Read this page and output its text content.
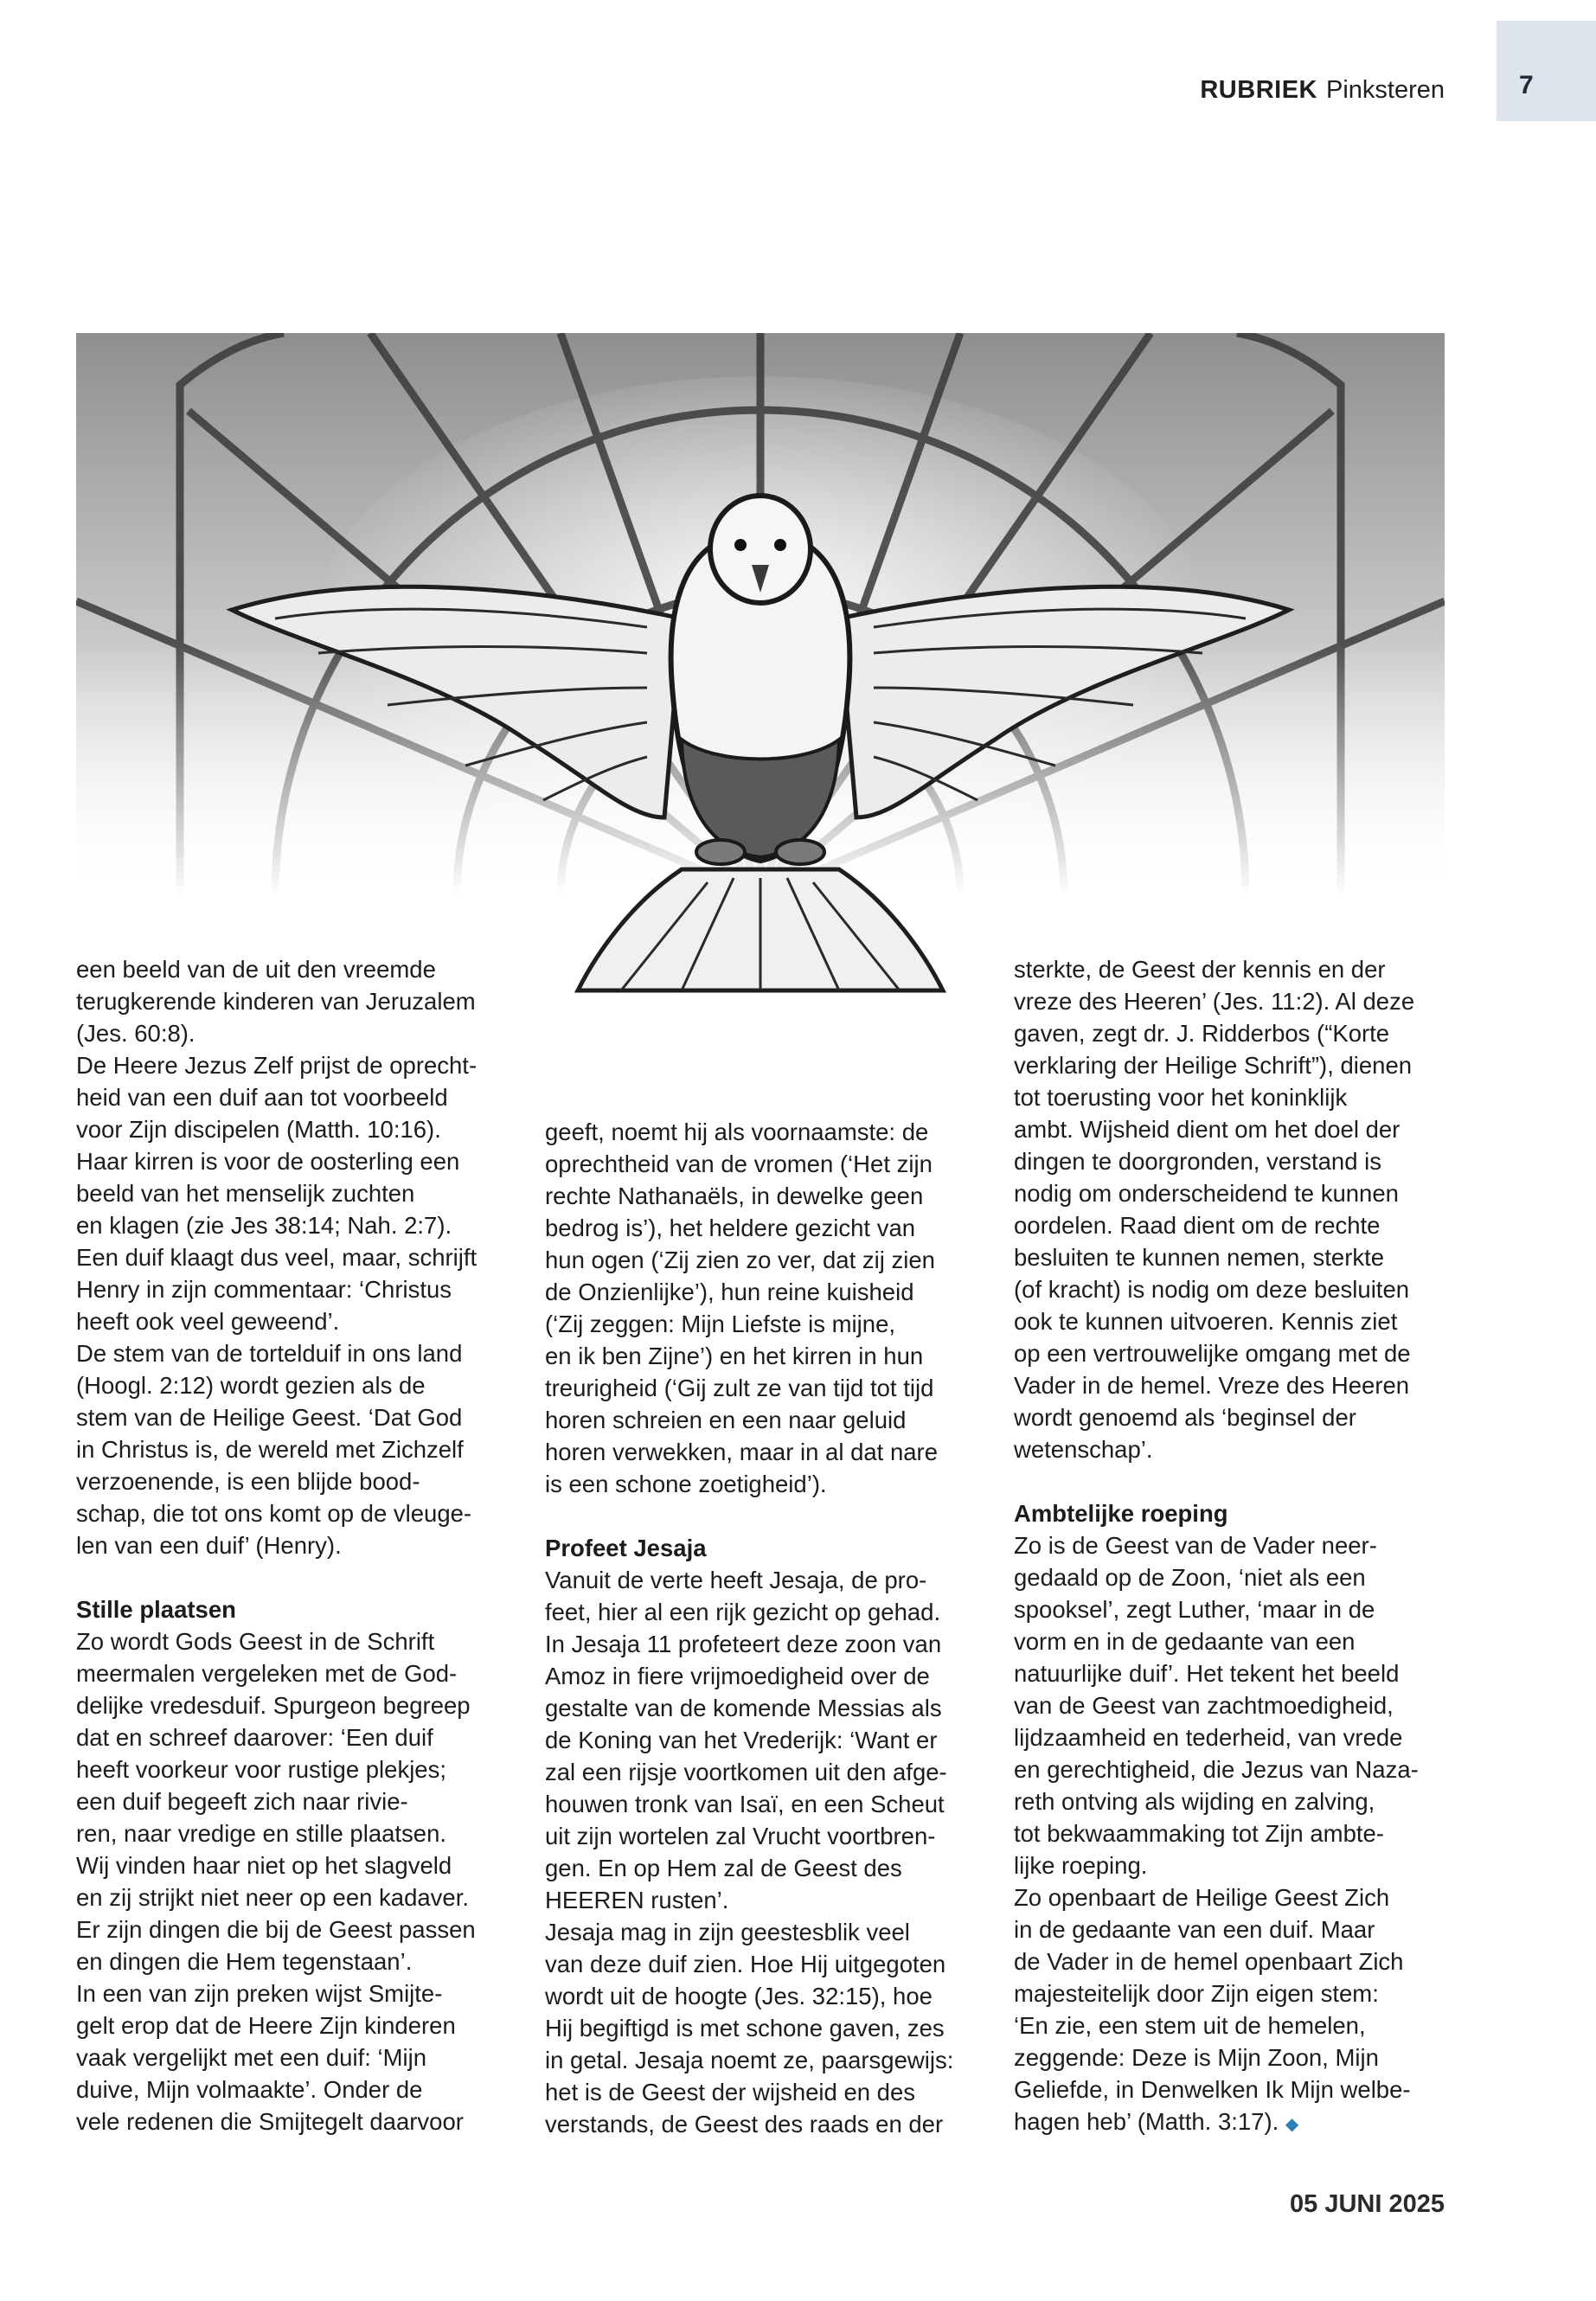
7
RUBRIEK Pinksteren

een beeld van de uit den vreemde
terugkerende kinderen van Jeruzalem
(Jes. 60:8).
De Heere Jezus Zelf prijst de oprecht-
heid van een duif aan tot voorbeeld
voor Zijn discipelen (Matth. 10:16).
Haar kirren is voor de oosterling een
beeld van het menselijk zuchten
en klagen (zie Jes 38:14; Nah. 2:7).
Een duif klaagt dus veel, maar, schrijft
Henry in zijn commentaar: ‘Christus
heeft ook veel geweend’.
De stem van de tortelduif in ons land
(Hoogl. 2:12) wordt gezien als de
stem van de Heilige Geest. ‘Dat God
in Christus is, de wereld met Zichzelf
verzoenende, is een blijde bood-
schap, die tot ons komt op de vleuge-
len van een duif’ (Henry).

Stille plaatsen

Zo wordt Gods Geest in de Schrift
meermalen vergeleken met de God-
delijke vredesduif. Spurgeon begreep
dat en schreef daarover: ‘Een duif
heeft voorkeur voor rustige plekjes;
een duif begeeft zich naar rivie-
ren, naar vredige en stille plaatsen.
Wij vinden haar niet op het slagveld
en zij strijkt niet neer op een kadaver.
Er zijn dingen die bij de Geest passen
en dingen die Hem tegenstaan’.
In een van zijn preken wijst Smijte-
gelt erop dat de Heere Zijn kinderen
vaak vergelijkt met een duif: ‘Mijn
duive, Mijn volmaakte’. Onder de
vele redenen die Smijtegelt daarvoor

geeft, noemt hij als voornaamste: de
oprechtheid van de vromen (‘Het zijn
rechte Nathanaëls, in dewelke geen
bedrog is’), het heldere gezicht van
hun ogen (‘Zij zien zo ver, dat zij zien
de Onzienlijke’), hun reine kuisheid
(‘Zij zeggen: Mijn Liefste is mijne,
en ik ben Zijne’) en het kirren in hun
treurigheid (‘Gij zult ze van tijd tot tijd
horen schreien en een naar geluid
horen verwekken, maar in al dat nare
is een schone zoetigheid’).

Profeet Jesaja

Vanuit de verte heeft Jesaja, de pro-
feet, hier al een rijk gezicht op gehad.
In Jesaja 11 profeteert deze zoon van
Amoz in fiere vrijmoedigheid over de
gestalte van de komende Messias als
de Koning van het Vrederijk: ‘Want er
zal een rijsje voortkomen uit den afge-
houwen tronk van Isaï, en een Scheut
uit zijn wortelen zal Vrucht voortbren-
gen. En op Hem zal de Geest des
HEEREN rusten’.
Jesaja mag in zijn geestesblik veel
van deze duif zien. Hoe Hij uitgegoten
wordt uit de hoogte (Jes. 32:15), hoe
Hij begiftigd is met schone gaven, zes
in getal. Jesaja noemt ze, paarsgewijs:
het is de Geest der wijsheid en des
verstands, de Geest des raads en der

sterkte, de Geest der kennis en der
vreze des Heeren’ (Jes. 11:2). Al deze
gaven, zegt dr. J. Ridderbos (“Korte
verklaring der Heilige Schrift”), dienen
tot toerusting voor het koninklijk
ambt. Wijsheid dient om het doel der
dingen te doorgronden, verstand is
nodig om onderscheidend te kunnen
oordelen. Raad dient om de rechte
besluiten te kunnen nemen, sterkte
(of kracht) is nodig om deze besluiten
ook te kunnen uitvoeren. Kennis ziet
op een vertrouwelijke omgang met de
Vader in de hemel. Vreze des Heeren
wordt genoemd als ‘beginsel der
wetenschap’.

Ambtelijke roeping

Zo is de Geest van de Vader neer-
gedaald op de Zoon, ‘niet als een
spooksel’, zegt Luther, ‘maar in de
vorm en in de gedaante van een
natuurlijke duif’. Het tekent het beeld
van de Geest van zachtmoedigheid,
lijdzaamheid en tederheid, van vrede
en gerechtigheid, die Jezus van Naza-
reth ontving als wijding en zalving,
tot bekwaammaking tot Zijn ambte-
lijke roeping.
Zo openbaart de Heilige Geest Zich
in de gedaante van een duif. Maar
de Vader in de hemel openbaart Zich
majesteitelijk door Zijn eigen stem:
‘En zie, een stem uit de hemelen,
zeggende: Deze is Mijn Zoon, Mijn
Geliefde, in Denwelken Ik Mijn welbe-
hagen heb’ (Matth. 3:17). ◆

05 JUNI 2025
